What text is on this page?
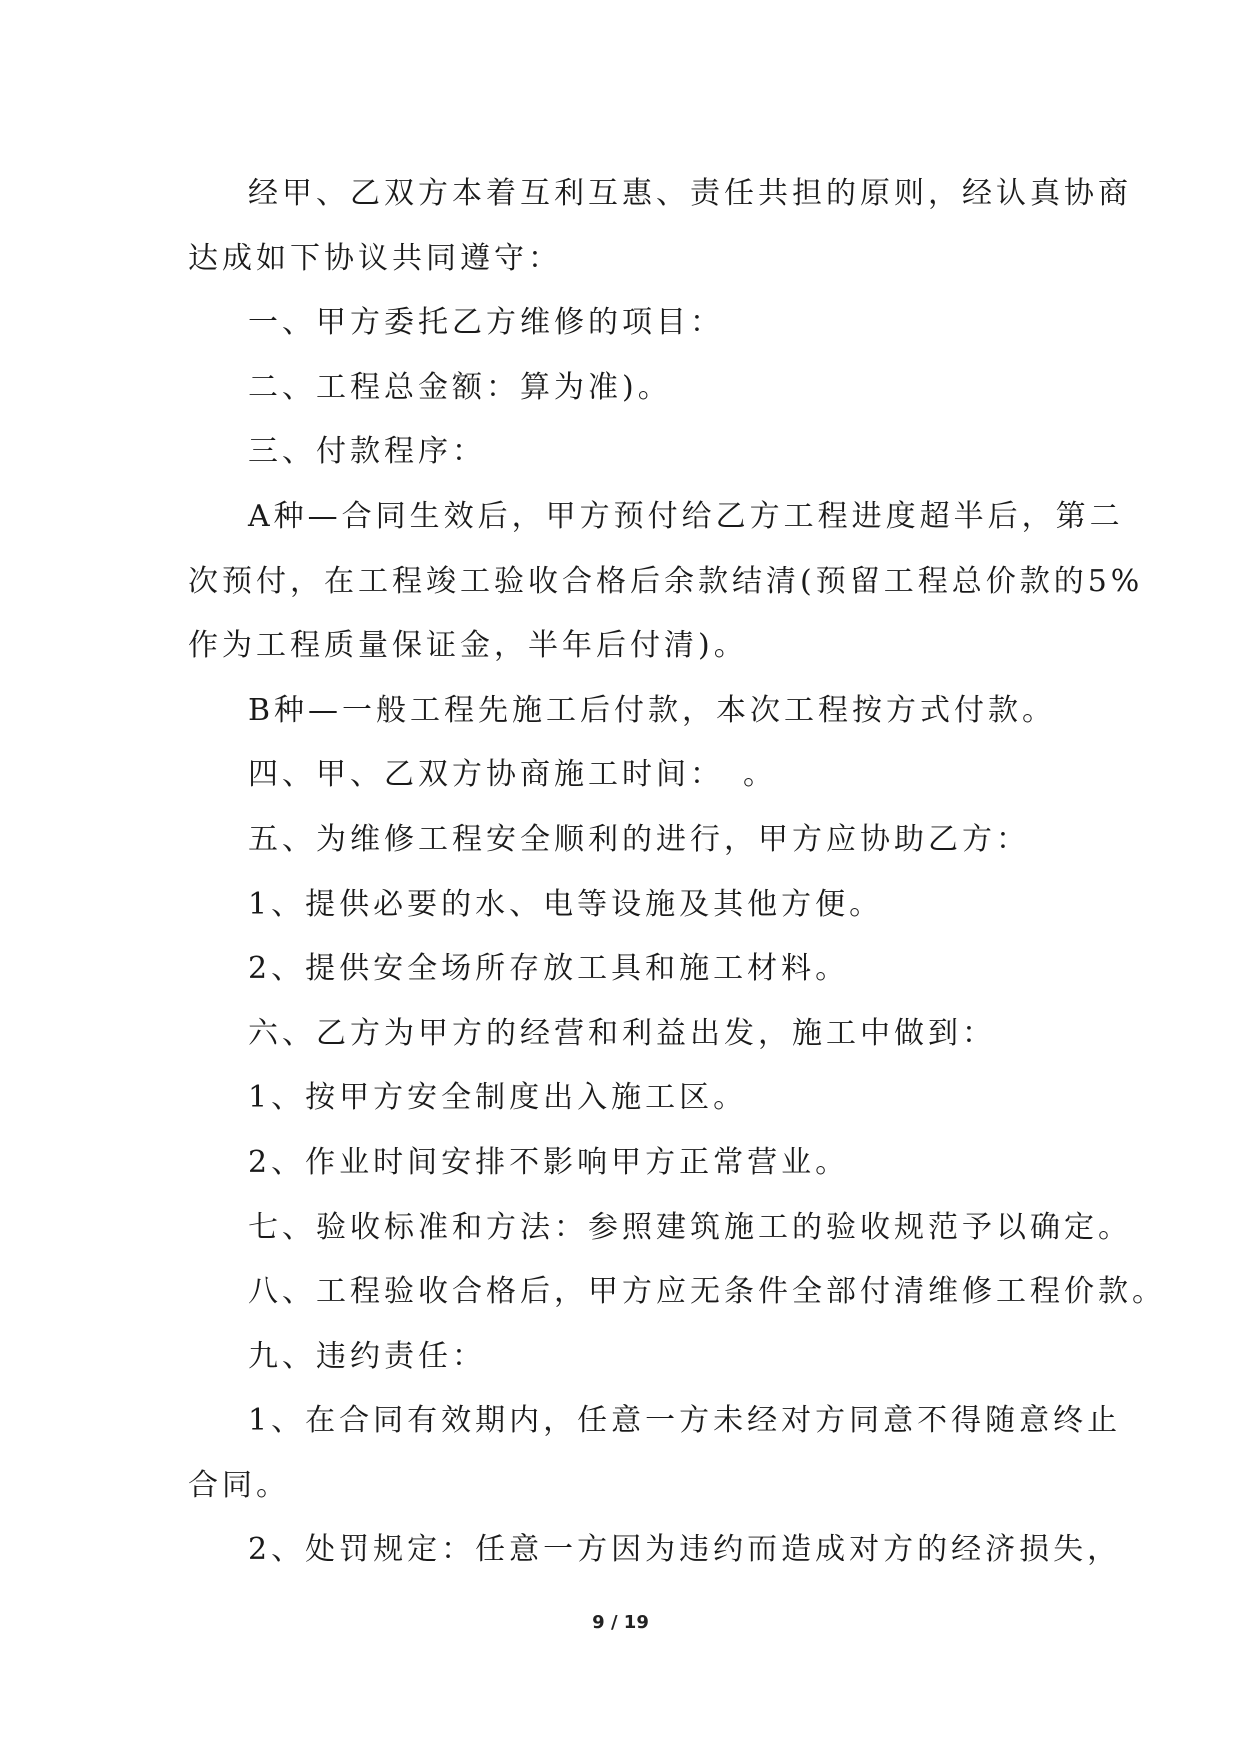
经甲、乙双方本着互利互惠、责任共担的原则，经认真协商

达成如下协议共同遵守：

一、甲方委托乙方维修的项目：

二、工程总金额：算为准)。

三、付款程序：

A种—合同生效后，甲方预付给乙方工程进度超半后，第二

次预付，在工程竣工验收合格后余款结清(预留工程总价款的5%

作为工程质量保证金，半年后付清)。

B种—一般工程先施工后付款，本次工程按方式付款。

四、甲、乙双方协商施工时间：　。

五、为维修工程安全顺利的进行，甲方应协助乙方：

1、提供必要的水、电等设施及其他方便。

2、提供安全场所存放工具和施工材料。

六、乙方为甲方的经营和利益出发，施工中做到：

1、按甲方安全制度出入施工区。

2、作业时间安排不影响甲方正常营业。

七、验收标准和方法：参照建筑施工的验收规范予以确定。

八、工程验收合格后，甲方应无条件全部付清维修工程价款。

九、违约责任：

1、在合同有效期内，任意一方未经对方同意不得随意终止

合同。

2、处罚规定：任意一方因为违约而造成对方的经济损失，

9 / 19
